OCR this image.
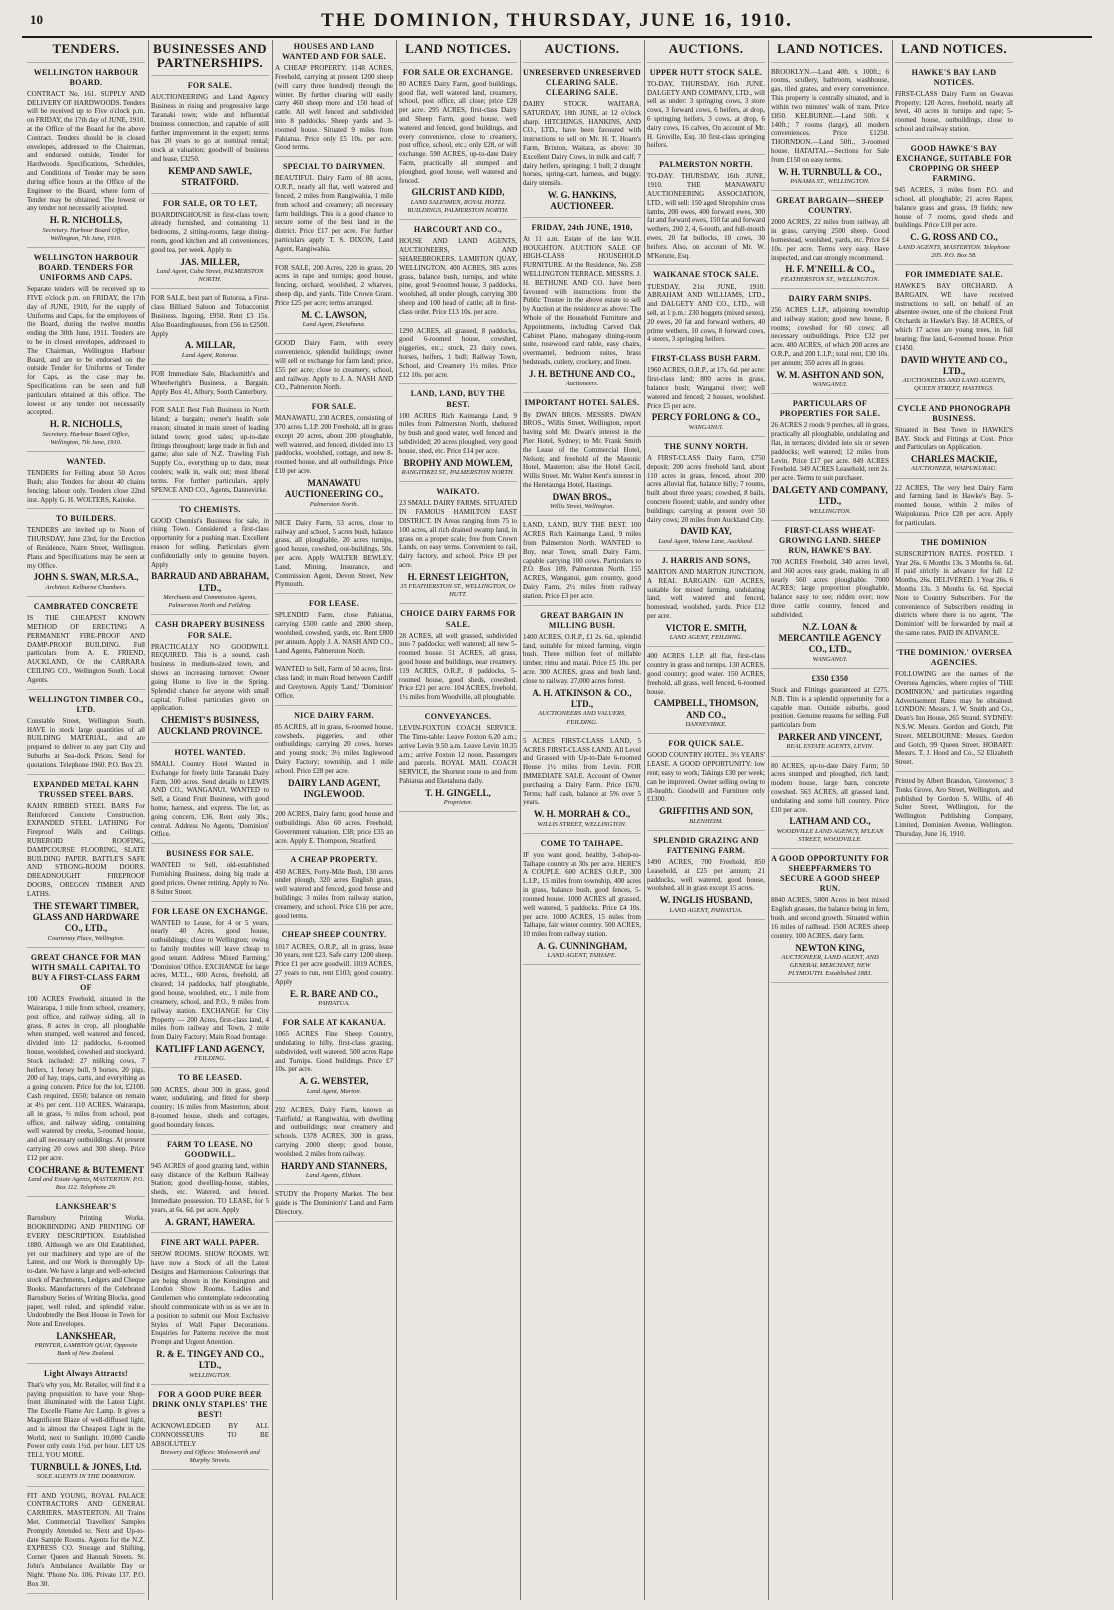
10	THE DOMINION, THURSDAY, JUNE 16, 1910.
TENDERS.
WELLINGTON HARBOUR BOARD.

CONTRACT No. 161. SUPPLY AND DELIVERY OF HARDWOODS. Tenders will be received up to Five o'clock p.m. on FRIDAY, the 17th day of JUNE, 1910, at the Office of the Board for the above Contract. Tenders should be in closed envelopes, addressed to the Chairman, and endorsed outside, Tender for Hardwoods. Specifications, Schedules, and Conditions of Tender may be seen during office hours at the Office of the Engineer to the Board, where form of Tender may be obtained. The lowest or any tender not necessarily accepted.

H. R. NICHOLLS,
Secretary. Harbour Board Office, Wellington, 7th June, 1910.
WELLINGTON HARBOUR BOARD. TENDERS FOR UNIFORMS AND CAPS.

Separate tenders will be received up to FIVE o'clock p.m. on FRIDAY, the 17th day of JUNE, 1910, for the supply of Uniforms and Caps, for the employees of the Board, during the twelve months ending the 30th June, 1911. Tenders are to be in closed envelopes, addressed to The Chairman, Wellington Harbour Board, and are to be endorsed on the outside Tender for Uniforms or Tender for Caps, as the case may be. Specifications can be seen and full particulars obtained at this office. The lowest or any tender not necessarily accepted.

H. R. NICHOLLS,
Secretary. Harbour Board Office, Wellington, 7th June, 1910.
WANTED.

TENDERS for Felling about 50 Acres Bush; also Tenders for about 40 chains fencing; labour only. Tenders close 22nd inst. Apply G. H. WOLTERS, Kaitoke.

TO BUILDERS.

TENDERS are invited up to Noon of THURSDAY, June 23rd, for the Erection of Residence, Nairn Street, Wellington. Plans and Specifications may be seen at my Office.

JOHN S. SWAN, M.R.S.A.,
Architect. Kelburne Chambers.
CAMBRATED CONCRETE

IS THE CHEAPEST KNOWN METHOD OF ERECTING A PERMANENT FIRE-PROOF AND DAMP-PROOF BUILDING. Full particulars from A. E. FRIEND, AUCKLAND, Or the CARRARA CEILING CO., Wellington South. Local Agents.

WELLINGTON TIMBER CO., LTD.

Constable Street, Wellington South. HAVE in stock large quantities of all BUILDING MATERIAL, and are prepared to deliver to any part City and Suburbs at Sea-dock Prices. Send for quotations. Telephone 1960. P.O. Box 23.

EXPANDED METAL KAHN TRUSSED STEEL BARS.

KAHN RIBBED STEEL BARS For Reinforced Concrete Construction. EXPANDED STEEL LATHING For Fireproof Walls and Ceilings. RUBEROID ROOFING, DAMPCOURSE FLOORING, SLATE BUILDING PAPER. BATTLE'S SAFE AND STRONG-ROOM DOORS. DREADNOUGHT FIREPROOF DOORS, OREGON TIMBER AND LATHS.

THE STEWART TIMBER, GLASS AND HARDWARE CO., LTD.,
Courtenay Place, Wellington.
GREAT CHANCE FOR MAN WITH SMALL CAPITAL TO BUY A FIRST-CLASS FARM OF

100 ACRES Freehold, situated in the Wairarapa, 1 mile from school, creamery, post office, and railway siding, all in grass, 8 acres in crop, all ploughable when stumped, well watered and fenced, divided into 12 paddocks, 6-roomed house, woolshed, cowshed and stockyard. Stock included: 27 milking cows, 7 heifers, 1 Jersey bull, 9 horses, 20 pigs, 200 of hay, traps, carts, and everything as a going concern. Price for the lot, £2100. Cash required, £650; balance on remain at 4½ per cent. 110 ACRES, Wairarapa, all in grass, ⅔ miles from school, post office, and railway siding, containing well watered by creeks, 5-roomed house, and all necessary outbuildings. At present carrying 20 cows and 300 sheep. Price £12 per acre.

COCHRANE & BUTEMENT
Land and Estate Agents, MASTERTON. P.O. Box 112. Telephone 29.
LANKSHEAR'S

Barnsbury Printing Works. BOOKBINDING AND PRINTING OF EVERY DESCRIPTION. Established 1880. Although we are Old Established, yet our machinery and type are of the Latest, and our Work is thoroughly Up-to-date. We have a large and well-selected stock of Parchments, Ledgers and Cheque Books. Manufacturers of the Celebrated Barnsbury Series of Writing Blocks, good paper, well ruled, and splendid value. Undoubtedly the Best House in Town for Note and Envelopes.

LANKSHEAR,
PRINTER, LAMBTON QUAY, Opposite Bank of New Zealand.
Light Always Attracts!

That's why you, Mr. Retailer, will find it a paying proposition to have your Shop-front illuminated with the Latest Light. The Excelle Flame Arc Lamp. It gives a Magnificent Blaze of well-diffused light, and is almost the Cheapest Light in the World, next to Sunlight. 10,000 Candle Power only costs 1½d. per hour. LET US TELL YOU MORE.

TURNBULL & JONES, Ltd.
SOLE AGENTS IN THE DOMINION.

FIT AND YOUNG, ROYAL PALACE CONTRACTORS AND GENERAL CARRIERS, MASTERTON. All Trains Met. Commercial Travellers' Samples Promptly Attended to. Next and Up-to-date Sample Rooms. Agents for the N.Z. EXPRESS CO. Storage and Shifting, Corner Queen and Hannah Streets. St. John's Ambulance Available Day or Night. 'Phone No. 106. Private 137. P.O. Box 30.

BUSINESSES AND PARTNERSHIPS.
FOR SALE.

AUCTIONEERING and Land Agency Business in rising and progressive large Taranaki town; wide and influential business connection, and capable of still further improvement in the expert; terms has 20 years to go at nominal rental; stock at valuation; goodwill of business and lease, £3250.

KEMP AND SAWLE, STRATFORD.
FOR SALE, OR TO LET,

BOARDINGHOUSE in first-class town; already furnished, and containing 11 bedrooms, 2 sitting-rooms, large dining-room, good kitchen and all conveniences, good tea, per week. Apply to

JAS. MILLER,
Land Agent, Cuba Street, PALMERSTON NORTH.

FOR SALE, best part of Rotorua, a First-class Billiard Saloon and Tobacconist Business. Ingoing, £950. Rent £3 15s. Also Boardinghouses, from £56 to £2500. Apply

A. MILLAR,
Land Agent, Rotorua.

FOR Immediate Sale, Blacksmith's and Wheelwright's Business, a Bargain. Apply Box 41, Albury, South Canterbury.

FOR SALE Best Fish Business in North Island; a bargain; owner's health sole reason; situated in main street of leading inland town; good sales; up-to-date fittings throughout; large trade in fish and game; also sale of N.Z. Trawling Fish Supply Co., everything up to date, meat coolers; walk in, walk out; most liberal terms. For further particulars, apply SPENCE AND CO., Agents, Dannevirke.

TO CHEMISTS.

GOOD Chemist's Business for sale, in rising Town. Considered a first-class opportunity for a pushing man. Excellent reason for selling. Particulars given confidentially only to genuine buyers. Apply

BARRAUD AND ABRAHAM, LTD.,
Merchants and Commission Agents, Palmerston North and Feilding.
CASH DRAPERY BUSINESS FOR SALE.

PRACTICALLY NO GOODWILL REQUIRED. This is a sound, cash business in medium-sized town, and shows an increasing turnover. Owner going Home to live in the Spring. Splendid chance for anyone with small capital. Fullest particulars given on application.

CHEMIST'S BUSINESS, AUCKLAND PROVINCE.
HOTEL WANTED.

SMALL Country Hotel Wanted in Exchange for freely little Taranaki Dairy Farm, 300 acres. Send details to LEWIS AND CO., WANGANUI. WANTED to Sell, a Grand Fruit Business, with good home, harness, and express. The lot, as going concern, £36. Rent only 30s.; central. Address No Agents, 'Dominion' Office.

BUSINESS FOR SALE.

WANTED to Sell, old-established Furnishing Business, doing big trade at good prices. Owner retiring. Apply to No. 8 Sulter Street.

FOR LEASE ON EXCHANGE.

WANTED to Lease, for 4 or 5 years, nearly 40 Acres, good house, outbuildings; close to Wellington; owing to family troubles will leave cheap to good tenant. Address 'Mixed Farming,' 'Dominion' Office. EXCHANGE for large acres, M.T.L., 600 Acres, freehold, all cleared; 14 paddocks, half ploughable, good house, woolshed, etc., 1 mile from creamery, school, and P.O., 9 miles from railway station. EXCHANGE for City Property — 200 Acres, first-class land, 4 miles from railway and Town, 2 mile from Dairy Factory; Main Road frontage.

KATLIFF LAND AGENCY,
FEILDING.
TO BE LEASED.

500 ACRES, about 300 in grass, good water, undulating, and fitted for sheep country; 16 miles from Masterton; about 8-roomed house, sheds and cottages, good boundary fences.

FARM TO LEASE. NO GOODWILL.

945 ACRES of good grazing land, within easy distance of the Kelburn Railway Station; good dwelling-house, stables, sheds, etc. Watered, and fenced. Immediate possession. TO LEASE, for 5 years, at 6s. 6d. per acre. Apply

A. GRANT, HAWERA.
FINE ART WALL PAPER.

SHOW ROOMS. SHOW ROOMS. WE have now a Stock of all the Latest Designs and Harmonious Colourings that are being shown in the Kensington and London Show Rooms. Ladies and Gentlemen who contemplate redecorating should communicate with us as we are in a position to submit our Most Exclusive Styles of Wall Paper Decorations. Enquiries for Patterns receive the most Prompt and Urgent Attention.

R. & E. TINGEY AND CO., LTD.,
WELLINGTON.
FOR A GOOD PURE BEER DRINK ONLY STAPLES' THE BEST!

ACKNOWLEDGED BY ALL CONNOISSEURS TO BE ABSOLUTELY

Brewery and Offices: Molesworth and Murphy Streets.
HOUSES AND LAND WANTED AND FOR SALE.

A CHEAP PROPERTY. 1148 ACRES, Freehold, carrying at present 1200 sheep (will carry three hundred) through the winter. By further clearing will easily carry 460 sheep more and 150 head of cattle. All well fenced and subdivided into 8 paddocks. Sheep yards and 3-roomed house. Situated 9 miles from Pahiatua. Price only £5 10s. per acre. Good terms.

SPECIAL TO DAIRYMEN.

BEAUTIFUL Dairy Farm of 88 acres, O.R.P., nearly all flat, well watered and fenced, 2 miles from Rangiwahia, 1 mile from school and creamery; all necessary farm buildings. This is a good chance to secure some of the best land in the district. Price £17 per acre. For further particulars apply T. S. DIXON, Land Agent, Rangiwahia.

FOR SALE, 200 Acres, 220 in grass, 20 acres in rape and turnips; good house, fencing, orchard, woolshed, 2 wharves, sheep dip, and yards. Title Crown Grant. Price £25 per acre; terms arranged.

M. C. LAWSON,
Land Agent, Eketahuna.

GOOD Dairy Farm, with every convenience, splendid buildings; owner will sell or exchange for farm land; price, £55 per acre; close to creamery, school, and railway. Apply to J. A. NASH AND CO., Palmerston North.

FOR SALE.

MANAWATU, 230 ACRES, consisting of 370 acres L.I.P. 200 Freehold, all in grass except 20 acres, about 200 ploughable, well watered, and fenced, divided into 13 paddocks, woolshed, cottage, and new 8-roomed house, and all outbuildings. Price £18 per acre.

MANAWATU AUCTIONEERING CO.,
Palmerston North.

NICE Dairy Farm, 53 acres, close to railway and school, 5 acres bush, balance grass, all ploughable, 20 acres turnips, good house, cowshed, out-buildings, 50s. per acre. Apply WALTER BEWLEY, Land, Mining, Insurance, and Commission Agent, Devon Street, New Plymouth.

FOR LEASE.

SPLENDID Farm, close Pahiatua, carrying £500 cattle and 2800 sheep, woolshed, cowshed, yards, etc. Rent £800 per annum. Apply J. A. NASH AND CO., Land Agents, Palmerston North.

WANTED to Sell, Farm of 50 acres, first-class land; in main Road between Cardiff and Greytown. Apply 'Land,' 'Dominion' Office.

NICE DAIRY FARM.

85 ACRES, all in grass, 6-roomed house, cowsheds, piggeries, and other outbuildings; carrying 20 cows, horses and young stock; 3½ miles Inglewood Dairy Factory; township, and 1 mile school. Price £28 per acre.

DAIRY LAND AGENT, INGLEWOOD.

200 ACRES, Dairy farm; good house and outbuildings. Also 60 acres. Freehold; Government valuation, £38; price £35 an acre. Apply E. Thompson, Stratford.

A CHEAP PROPERTY.

450 ACRES, Forty-Mile Bush, 130 acres under plough, 320 acres English grass, well watered and fenced, good house and buildings; 3 miles from railway station, creamery, and school. Price £16 per acre, good terms.

CHEAP SHEEP COUNTRY.

1017 ACRES, O.R.P., all in grass, lease 30 years, rent £23. Safe carry 1200 sheep. Price £1 per acre goodwill. 1019 ACRES, 27 years to run, rent £103; good country. Apply

E. R. BARE AND CO.,
PAHIATUA.
FOR SALE AT KAKANUA.

1065 ACRES Fine Sheep Country, undulating to hilly, first-class grazing, subdivided, well watered. 500 acres Rape and Turnips. Good buildings. Price £7 10s. per acre.

A. G. WEBSTER,
Land Agent, Marton.

292 ACRES, Dairy Farm, known as 'Fairfield,' at Rangiwahia, with dwelling and outbuildings; near creamery and schools. 1378 ACRES, 300 in grass, carrying 2000 sheep; good house, woolshed. 2 miles from railway.

HARDY AND STANNERS,
Land Agents, Eltham.

STUDY the Property Market. The best guide is 'The Dominion's' Land and Farm Directory.

LAND NOTICES.
FOR SALE OR EXCHANGE.

80 ACRES Dairy Farm, good buildings, good flat, well watered land, creamery, school, post office, all close; price £28 per acre. 295 ACRES, first-class Dairy and Sheep Farm, good house, well watered and fenced, good buildings, and every convenience, close to creamery, post office, school, etc.; only £28, or will exchange. 590 ACRES, up-to-date Dairy Farm, practically all stumped and ploughed, good house, well watered and fenced.

GILCRIST AND KIDD,
LAND SALESMEN, ROYAL HOTEL BUILDINGS, PALMERSTON NORTH.
HARCOURT AND CO.,

HOUSE AND LAND AGENTS, AUCTIONEERS, AND SHAREBROKERS. LAMBTON QUAY, WELLINGTON. 400 ACRES, 385 acres grass, balance bush, turnips, and white pine, good 9-roomed house, 3 paddocks, woolshed, all under plough, carrying 300 sheep and 100 head of cattle; all in first-class order. Price £13 10s. per acre.

1290 ACRES, all grassed, 8 paddocks, good 6-roomed house, cowshed, piggeries, etc.; stock, 23 dairy cows, horses, heifers, 1 bull; Railway Town, School, and Creamery 1½ miles. Price £12 10s. per acre.

LAND, LAND, BUY THE BEST.

100 ACRES Rich Kaimanga Land, 9 miles from Palmerston North, sheltered by bush and good water, well fenced and subdivided; 20 acres ploughed, very good house, shed, etc. Price £14 per acre.

BROPHY AND MOWLEM,
RANGITIKEI ST., PALMERSTON NORTH.
WAIKATO.

23 SMALL DAIRY FARMS. SITUATED IN FAMOUS HAMILTON EAST DISTRICT. IN Areas ranging from 75 to 100 acres, all rich drained swamp land, in grass on a proper scale; free from Crown Lands, on easy terms. Convenient to rail, dairy factory, and school. Price £9 per acre.

H. ERNEST LEIGHTON,
35 FEATHERSTON ST., WELLINGTON, Or HUTT.
CHOICE DAIRY FARMS FOR SALE.

28 ACRES, all well grassed, subdivided into 7 paddocks; well watered; all new 5-roomed house. 51 ACRES, all grass, good house and buildings, near creamery. 119 ACRES, O.R.P., 8 paddocks, 5-roomed house, good sheds, cowshed. Price £21 per acre. 104 ACRES, freehold, 1½ miles from Woodville, all ploughable.

CONVEYANCES.

LEVIN-FOXTON COACH SERVICE. The Time-table: Leave Foxton 6.20 a.m.; arrive Levin 9.50 a.m. Leave Levin 10.35 a.m.; arrive Foxton 12 noon. Passengers and parcels. ROYAL MAIL COACH SERVICE, the Shortest route to and from Pahiatua and Eketahuna daily.

T. H. GINGELL,
Proprietor.
AUCTIONS.
UNRESERVED UNRESERVED CLEARING SALE. CLEARING SALE.

DAIRY STOCK. WAITARA. SATURDAY, 18th JUNE, at 12 o'clock sharp. HITCHINGS, HANKINS, AND CO., LTD., have been favoured with instructions to sell on Mr. H. T. Hoare's Farm, Brixton, Waitara, as above: 30 Excellent Dairy Cows, in milk and calf; 7 dairy heifers, springing; 1 bull; 2 draught horses, spring-cart, harness, and buggy; dairy utensils.

W. G. HANKINS, AUCTIONEER.
FRIDAY, 24th JUNE, 1910,

At 11 a.m. Estate of the late W.H. HOUGHTON. AUCTION SALE OF HIGH-CLASS HOUSEHOLD FURNITURE. At the Residence, No. 258 WELLINGTON TERRACE. MESSRS. J. H. BETHUNE AND CO. have been favoured with instructions from the Public Trustee in the above estate to sell by Auction at the residence as above: The Whole of the Household Furniture and Appointments, including Carved Oak Cabinet Piano, mahogany dining-room suite, rosewood card table, easy chairs, overmantel, bedroom suites, brass bedsteads, cutlery, crockery, and linen.

J. H. BETHUNE AND CO.,
Auctioneers.
IMPORTANT HOTEL SALES.

By DWAN BROS. MESSRS. DWAN BROS., Willis Street, Wellington, report having sold Mr. Dwan's interest in the Pier Hotel, Sydney; to Mr. Frank Smith the Lease of the Commercial Hotel, Nelson; and freehold of the Masonic Hotel, Masterton; also the Hotel Cecil, Willis Street. Mr. Walter Kent's interest in the Heretaunga Hotel, Hastings.

DWAN BROS.,
Willis Street, Wellington.

LAND, LAND, BUY THE BEST. 100 ACRES Rich Kaimanga Land, 9 miles from Palmerston North. WANTED to Buy, near Town, small Dairy Farm, capable carrying 100 cows. Particulars to P.O. Box 109, Palmerston North. 155 ACRES, Wanganui, gum country, good Dairy Farm, 2½ miles from railway station. Price £3 per acre.

GREAT BARGAIN IN MILLING BUSH.

1400 ACRES, O.R.P., £1 2s. 6d., splendid land, suitable for mixed farming, virgin bush. Three million feet of millable timber, rimu and matai. Price £5 10s. per acre. 300 ACRES, grass and bush land, close to railway. 27,000 acres forest.

A. H. ATKINSON & CO., LTD.,
AUCTIONEERS AND VALUERS, FEILDING.

5 ACRES FIRST-CLASS LAND, 5 ACRES FIRST-CLASS LAND. All Level and Grassed with Up-to-Date 6-roomed House 1½ miles from Levin. FOR IMMEDIATE SALE. Account of Owner purchasing a Dairy Farm. Price £670. Terms; half cash, balance at 5% over 5 years.

W. H. MORRAH & CO.,
WILLIS STREET, WELLINGTON.
COME TO TAIHAPE.

IF you want good, healthy, 3-shop-to-Taihape country at 30s per acre. HERE'S A COUPLE. 600 ACRES O.R.P., 300 L.I.P., 15 miles from township, 400 acres in grass, balance bush, good fences, 5-roomed house. 1000 ACRES all grassed, well watered, 5 paddocks. Price £4 10s. per acre. 1000 ACRES, 15 miles from Taihape, fair winter country. 500 ACRES, 10 miles from railway station.

A. G. CUNNINGHAM,
LAND AGENT, TAIHAPE.
AUCTIONS.
UPPER HUTT STOCK SALE.

TO-DAY, THURSDAY, 16th JUNE. DALGETY AND COMPANY, LTD., will sell as under: 3 springing cows, 3 store cows, 3 forward cows, 6 heifers, at drop, 6 springing heifers, 3 cows, at drop, 6 dairy cows, 16 calves, On account of Mr. H. Groville, Esq. 30 first-class springing heifers.

PALMERSTON NORTH.

TO-DAY. THURSDAY, 16th JUNE, 1910. THE MANAWATU AUCTIONEERING ASSOCIATION, LTD., will sell: 150 aged Shropshire cross lambs, 200 ewes, 400 forward ewes, 300 fat and forward ewes, 150 fat and forward wethers, 200 2, 4, 6-tooth, and full-mouth ewes, 20 fat bullocks, 10 cows, 30 heifers. Also, on account of Mr. W. M'Kenzie, Esq.

WAIKANAE STOCK SALE.

TUESDAY, 21st JUNE, 1910. ABRAHAM AND WILLIAMS, LTD., and DALGETY AND CO., LTD., will sell, at 1 p.m.: 230 hoggets (mixed sexes), 20 ewes, 20 fat and forward wethers, 40 prime wethers, 10 cows, 8 forward cows, 4 steers, 3 springing heifers.

FIRST-CLASS BUSH FARM.

1960 ACRES, O.R.P., at 17s. 6d. per acre: first-class land; 800 acres in grass, balance bush; Wanganui river; well watered and fenced; 2 houses, woolshed. Price £5 per acre.

PERCY FORLONG & CO.,
WANGANUI.
THE SUNNY NORTH.

A FIRST-CLASS Dairy Farm, £750 deposit; 200 acres freehold land, about 110 acres in grass, fenced, about 200 acres alluvial flat, balance hilly; 7 rooms, built about three years; cowshed, 8 bails, concrete floored; stable, and sundry other buildings; carrying at present over 50 dairy cows; 20 miles from Auckland City.

DAVID KAY,
Land Agent, Valena Lane, Auckland.
J. HARRIS AND SONS,

MARTON AND MARTON JUNCTION. A REAL BARGAIN. 620 ACRES, suitable for mixed farming, undulating land, well watered and fenced, homestead, woolshed, yards. Price £12 per acre.

VICTOR E. SMITH,
LAND AGENT, FEILDING.

400 ACRES L.I.P. all flat, first-class country in grass and turnips. 130 ACRES, good country; good water. 150 ACRES, freehold, all grass, well fenced, 6-roomed house.

CAMPBELL, THOMSON, AND CO.,
DANNEVIRKE.
FOR QUICK SALE.

GOOD COUNTRY HOTEL. 3½ YEARS' LEASE. A GOOD OPPORTUNITY: low rent; easy to work; Takings £30 per week; can be improved. Owner selling owing to ill-health. Goodwill and Furniture only £1300.

GRIFFITHS AND SON,
BLENHEIM.
SPLENDID GRAZING AND FATTENING FARM.

1490 ACRES, 700 Freehold, 850 Leasehold, at £25 per annum; 21 paddocks, well watered, good house, woolshed, all in grass except 15 acres.

W. INGLIS HUSBAND,
LAND AGENT, PAHIATUA.
LAND NOTICES.

BROOKLYN.—Land 40ft. x 100ft.; 6 rooms, scullery, bathroom, washhouse, gas, tiled grates, and every convenience. This property is centrally situated, and is within two minutes' walk of tram. Price £850. KELBURNE.—Land 50ft. x 140ft.; 7 rooms (large), all modern conveniences. Price £1250. THORNDON.—Land 50ft., 3-roomed house. HATAITAI.—Sections for Sale from £150 on easy terms.

W. H. TURNBULL & CO.,
PANAMA ST., WELLINGTON.
GREAT BARGAIN—SHEEP COUNTRY.

2000 ACRES, 22 miles from railway, all in grass, carrying 2500 sheep. Good homestead, woolshed, yards, etc. Price £4 10s. per acre. Terms very easy. Have inspected, and can strongly recommend.

H. F. M'NEILL & CO.,
FEATHERSTON ST., WELLINGTON.
DAIRY FARM SNIPS.

256 ACRES L.I.P., adjoining township and railway station; good new house, 8 rooms; cowshed for 60 cows; all necessary outbuildings. Price £32 per acre. 400 ACRES, of which 200 acres are O.R.P., and 200 L.I.P.; total rent, £30 10s. per annum; 350 acres all in grass.

W. M. ASHTON AND SON,
WANGANUI.
PARTICULARS OF PROPERTIES FOR SALE.

26 ACRES 2 roods 9 perches, all in grass, practically all ploughable, undulating and flat, in terraces; divided into six or seven paddocks; well watered; 12 miles from Levin. Price £17 per acre. 849 ACRES Freehold. 349 ACRES Leasehold, rent 2s. per acre. Terms to suit purchaser.

DALGETY AND COMPANY, LTD.,
WELLINGTON.
FIRST-CLASS WHEAT-GROWING LAND. SHEEP RUN, HAWKE'S BAY.

700 ACRES Freehold, 340 acres level, and 360 acres easy grade, making in all nearly 560 acres ploughable. 7000 ACRES; large proportion ploughable, balance easy to see; ridden over; now three cattle country, fenced and subdivided.

N.Z. LOAN & MERCANTILE AGENCY CO., LTD.,
WANGANUI.
£350 £350

Stock and Fittings guaranteed at £275. N.B. This is a splendid opportunity for a capable man. Outside suburbs, good position. Genuine reasons for selling. Full particulars from

PARKER AND VINCENT,
REAL ESTATE AGENTS, LEVIN.

80 ACRES, up-to-date Dairy Farm; 50 acres stumped and ploughed, rich land; modern house, large barn, concrete cowshed. 563 ACRES, all grassed land, undulating and some hill country. Price £10 per acre.

LATHAM AND CO.,
WOODVILLE LAND AGENCY, M'LEAN STREET, WOODVILLE.
A GOOD OPPORTUNITY FOR SHEEPFARMERS TO SECURE A GOOD SHEEP RUN.

8840 ACRES, 5000 Acres in best mixed English grasses, the balance being in fern, bush, and second growth. Situated within 16 miles of railhead. 1500 ACRES sheep country. 100 ACRES, dairy farm.

NEWTON KING,
AUCTIONEER, LAND AGENT, AND GENERAL MERCHANT, NEW PLYMOUTH. Established 1883.
LAND NOTICES.
HAWKE'S BAY LAND NOTICES.

FIRST-CLASS Dairy Farm on Gwavas Property; 120 Acres, freehold, nearly all level, 40 acres in turnips and rape; 5-roomed house, outbuildings, close to school and railway station.

GOOD HAWKE'S BAY EXCHANGE, SUITABLE FOR CROPPING OR SHEEP FARMING.

945 ACRES, 3 miles from P.O. and school, all ploughable; 21 acres Rapes; balance grass and grass, 19 fields; new house of 7 rooms, good sheds and buildings. Price £18 per acre.

C. G. ROSS AND CO.,
LAND AGENTS, MASTERTON. Telephone 205. P.O. Box 58.
FOR IMMEDIATE SALE.

HAWKE'S BAY ORCHARD. A BARGAIN. WE have received instructions to sell, on behalf of an absentee owner, one of the choicest Fruit Orchards in Hawke's Bay. 18 ACRES, of which 17 acres are young trees, in full bearing; fine land, 6-roomed house. Price £1450.

DAVID WHYTE AND CO., LTD.,
AUCTIONEERS AND LAND AGENTS, QUEEN STREET, HASTINGS.
CYCLE AND PHONOGRAPH BUSINESS.

Situated in Best Town in HAWKE'S BAY. Stock and Fittings at Cost. Price and Particulars on Application.

CHARLES MACKIE,
AUCTIONEER, WAIPUKURAU.

22 ACRES, The very best Dairy Farm and farming land in Hawke's Bay. 5-roomed house, within 2 miles of Waipukurau. Price £28 per acre. Apply for particulars.

THE DOMINION

SUBSCRIPTION RATES. POSTED. 1 Year 26s. 6 Months 13s. 3 Months 6s. 6d. If paid strictly in advance for full 12 Months, 26s. DELIVERED. 1 Year 26s. 6 Months 13s. 3 Months 6s. 6d. Special Note to Country Subscribers. For the convenience of Subscribers residing in districts where there is no agent, 'The Dominion' will be forwarded by mail at the same rates. PAID IN ADVANCE.

'THE DOMINION.' OVERSEA AGENCIES.

FOLLOWING are the names of the Oversea Agencies, where copies of 'THE DOMINION,' and particulars regarding Advertisement Rates may be obtained: LONDON: Messrs. J. W. Smith and Co., Dean's Inn House, 265 Strand. SYDNEY: N.S.W. Messrs. Gordon and Gotch, Pitt Street. MELBOURNE: Messrs. Gordon and Gotch, 99 Queen Street. HOBART: Messrs. T. J. Hood and Co., 52 Elizabeth Street.

Printed by Albert Brandon, 'Grosvenor,' 3 Tonks Grove, Aro Street, Wellington, and published by Gordon S. Willis, of 46 Sulter Street, Wellington, for the Wellington Publishing Company, Limited, Dominion Avenue, Wellington. Thursday, June 16, 1910.
